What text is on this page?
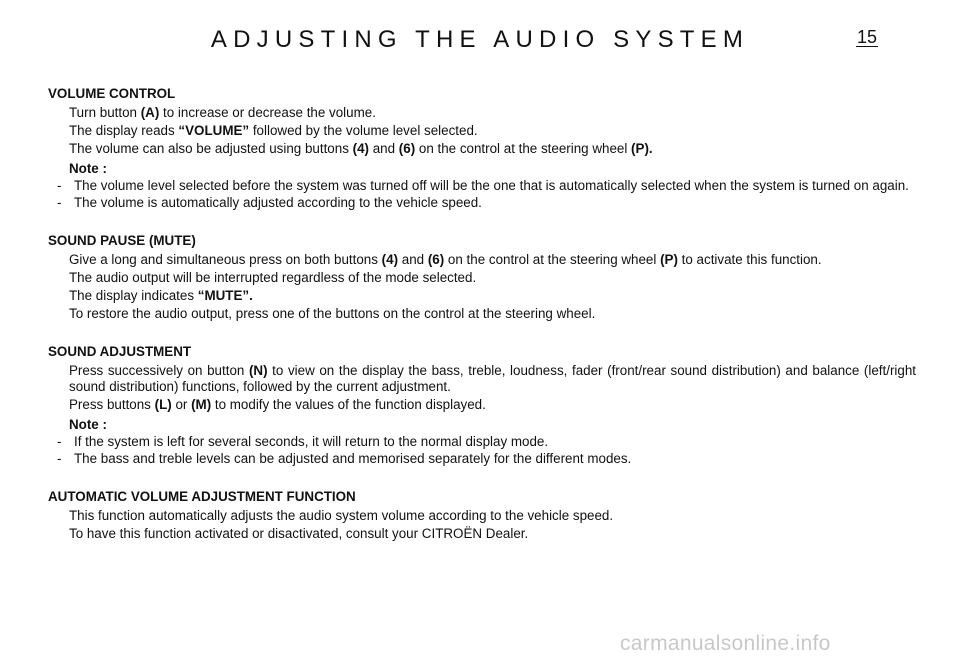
ADJUSTING THE AUDIO SYSTEM	15
VOLUME CONTROL
Turn button (A) to increase or decrease the volume.
The display reads “VOLUME” followed by the volume level selected.
The volume can also be adjusted using buttons (4) and (6) on the control at the steering wheel (P).
Note :
- The volume level selected before the system was turned off will be the one that is automatically selected when the system is turned on again.
- The volume is automatically adjusted according to the vehicle speed.
SOUND PAUSE (MUTE)
Give a long and simultaneous press on both buttons (4) and (6) on the control at the steering wheel (P) to activate this function.
The audio output will be interrupted regardless of the mode selected.
The display indicates “MUTE”.
To restore the audio output, press one of the buttons on the control at the steering wheel.
SOUND ADJUSTMENT
Press successively on button (N) to view on the display the bass, treble, loudness, fader (front/rear sound distribution) and balance (left/right sound distribution) functions, followed by the current adjustment.
Press buttons (L) or (M) to modify the values of the function displayed.
Note :
- If the system is left for several seconds, it will return to the normal display mode.
- The bass and treble levels can be adjusted and memorised separately for the different modes.
AUTOMATIC VOLUME ADJUSTMENT FUNCTION
This function automatically adjusts the audio system volume according to the vehicle speed.
To have this function activated or disactivated, consult your CITROËN Dealer.
carmanualsonline.info
